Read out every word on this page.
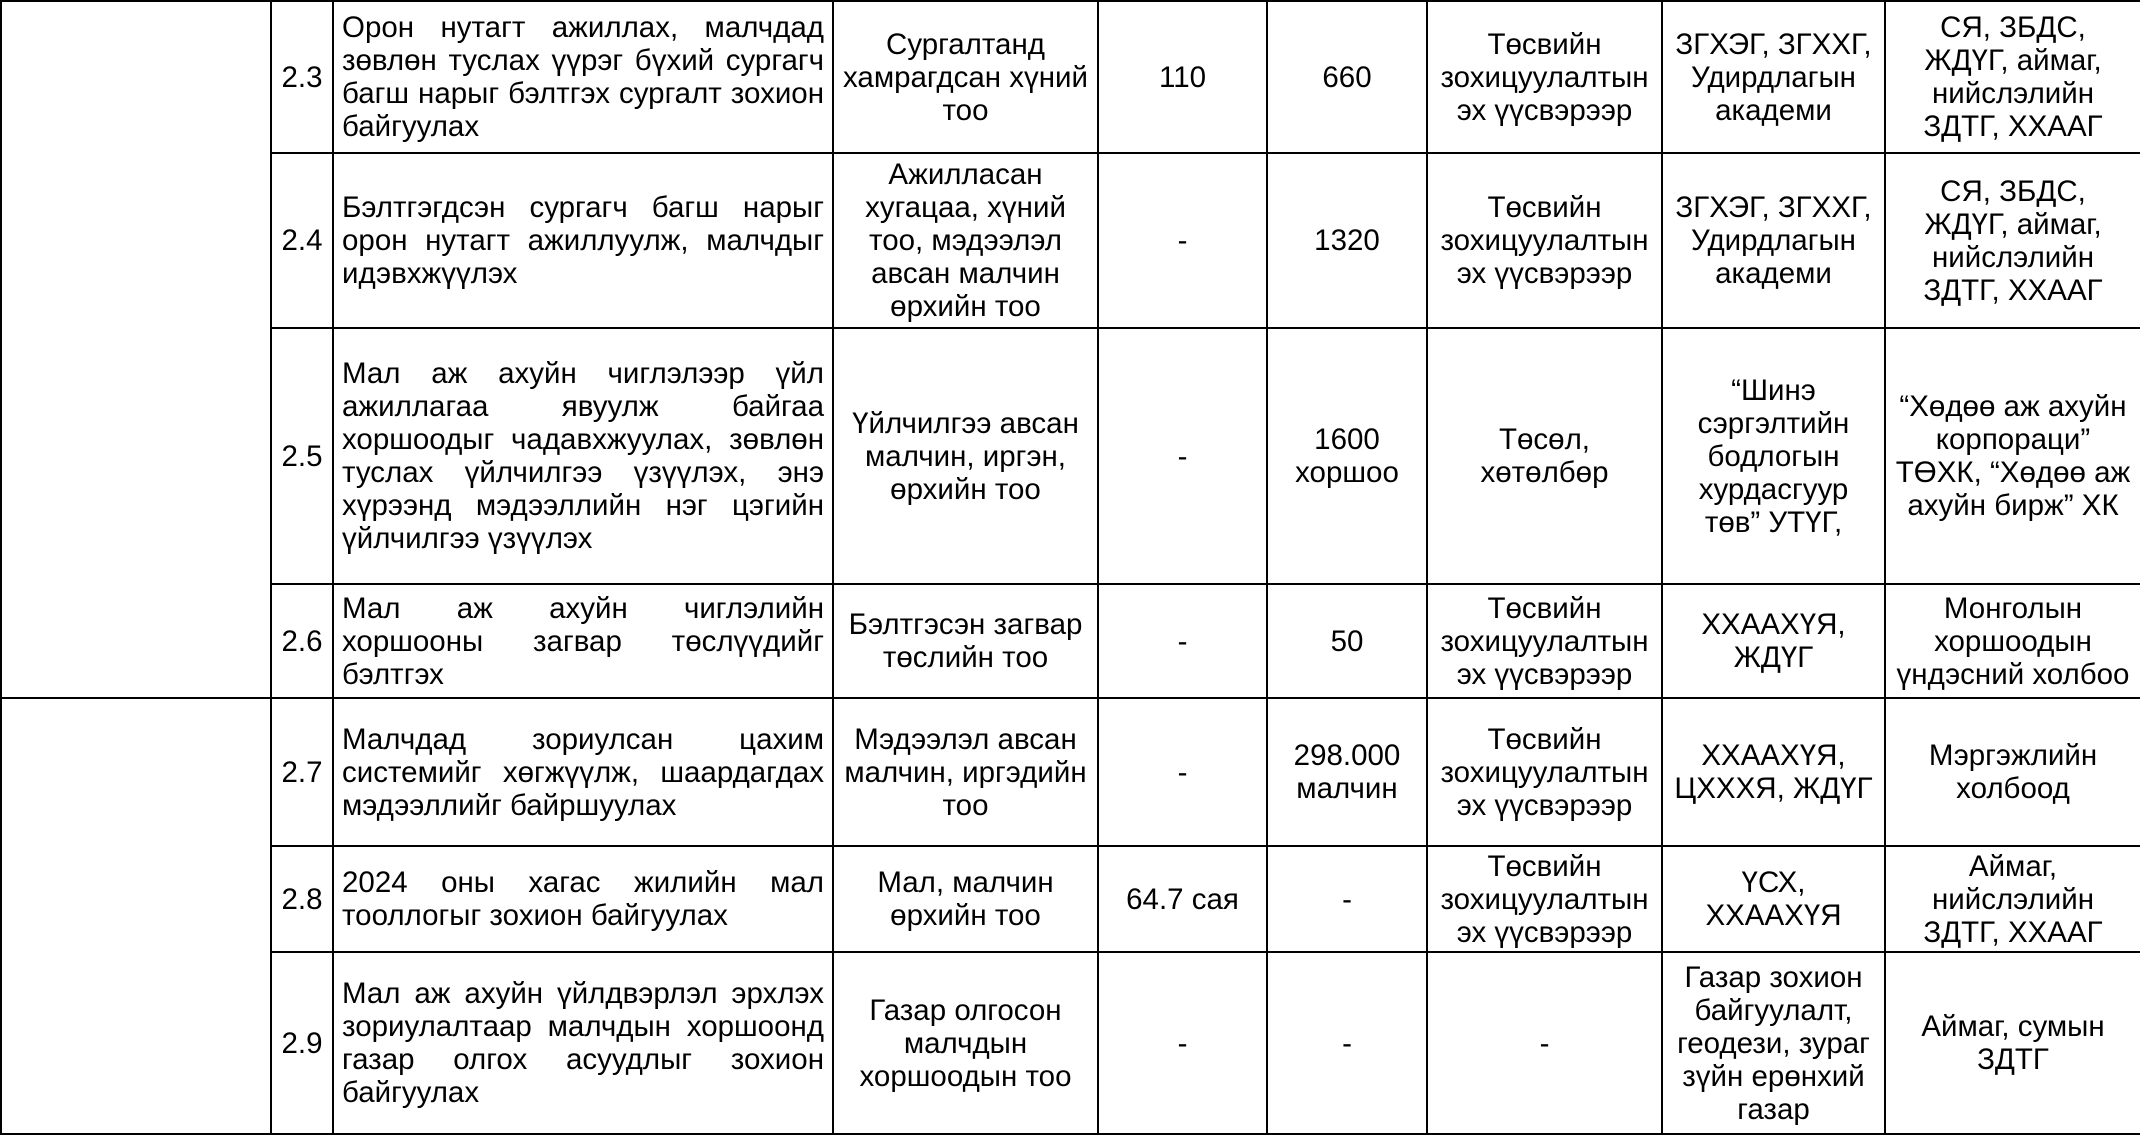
	2.3	Орон нутагт ажиллах, малчдад зөвлөн туслах үүрэг бүхий сургагч багш нарыг бэлтгэх сургалт зохион байгуулах	Сургалтанд хамрагдсан хүний тоо	110	660	Төсвийн зохицуулалтын эх үүсвэрээр	ЗГХЭГ, ЗГХХГ, Удирдлагын академи	СЯ, ЗБДС, ЖДҮГ, аймаг, нийслэлийн ЗДТГ, ХХААГ
	2.4	Бэлтгэгдсэн сургагч багш нарыг орон нутагт ажиллуулж, малчдыг идэвхжүүлэх	Ажилласан хугацаа, хүний тоо, мэдээлэл авсан малчин өрхийн тоо	-	1320	Төсвийн зохицуулалтын эх үүсвэрээр	ЗГХЭГ, ЗГХХГ, Удирдлагын академи	СЯ, ЗБДС, ЖДҮГ, аймаг, нийслэлийн ЗДТГ, ХХААГ
	2.5	Мал аж ахуйн чиглэлээр үйл ажиллагаа явуулж байгаа хоршоодыг чадавхжуулах, зөвлөн туслах үйлчилгээ үзүүлэх, энэ хүрээнд мэдээллийн нэг цэгийн үйлчилгээ үзүүлэх	Үйлчилгээ авсан малчин, иргэн, өрхийн тоо	-	1600 хоршоо	Төсөл, хөтөлбөр	“Шинэ сэргэлтийн бодлогын хурдасгуур төв” УТҮГ,	“Хөдөө аж ахуйн корпораци” ТӨХК, “Хөдөө аж ахуйн бирж” ХК
	2.6	Мал аж ахуйн чиглэлийн хоршооны загвар төслүүдийг бэлтгэх	Бэлтгэсэн загвар төслийн тоо	-	50	Төсвийн зохицуулалтын эх үүсвэрээр	ХХААХҮЯ, ЖДҮГ	Монголын хоршоодын үндэсний холбоо
	2.7	Малчдад зориулсан цахим системийг хөгжүүлж, шаардагдах мэдээллийг байршуулах	Мэдээлэл авсан малчин, иргэдийн тоо	-	298.000 малчин	Төсвийн зохицуулалтын эх үүсвэрээр	ХХААХҮЯ, ЦХХХЯ, ЖДҮГ	Мэргэжлийн холбоод
	2.8	2024 оны хагас жилийн мал тооллогыг зохион байгуулах	Мал, малчин өрхийн тоо	64.7 сая	-	Төсвийн зохицуулалтын эх үүсвэрээр	ҮСХ, ХХААХҮЯ	Аймаг, нийслэлийн ЗДТГ, ХХААГ
	2.9	Мал аж ахуйн үйлдвэрлэл эрхлэх зориулалтаар малчдын хоршоонд газар олгох асуудлыг зохион байгуулах	Газар олгосон малчдын хоршоодын тоо	-	-	-	Газар зохион байгуулалт, геодези, зураг зүйн ерөнхий газар	Аймаг, сумын ЗДТГ
